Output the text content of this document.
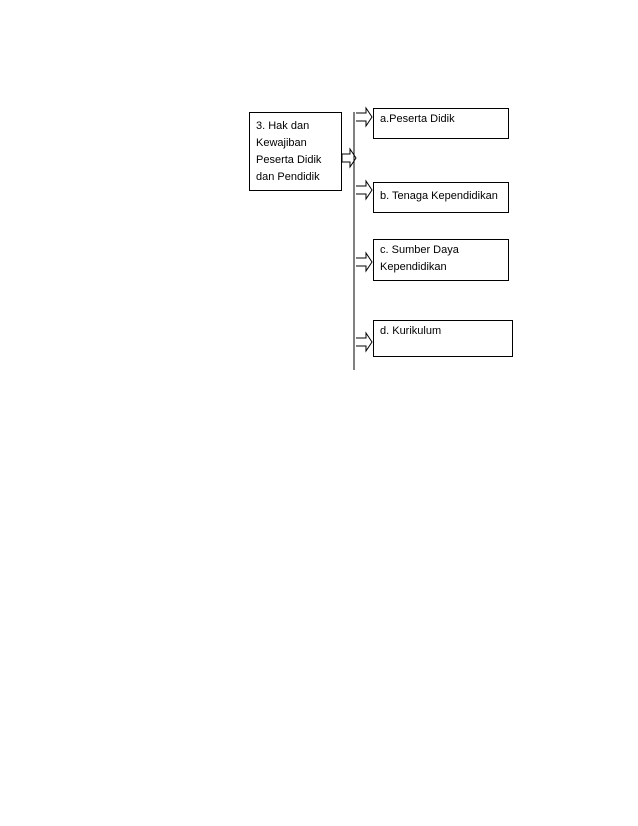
3. Hak dan
Kewajiban
Peserta Didik
dan Pendidik
a.Peserta Didik
b. Tenaga Kependidikan
c. Sumber Daya
Kependidikan
d. Kurikulum
